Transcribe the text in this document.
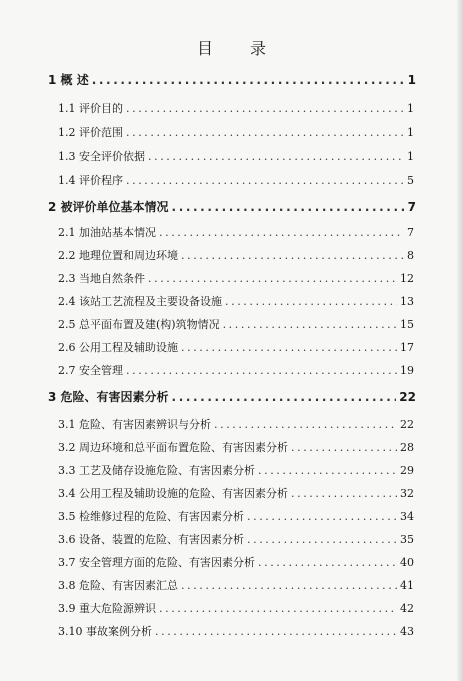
目 录
1 概 述 .....	1
1.1 评价目的 .....	1
1.2 评价范围 .....	1
1.3 安全评价依据 .....	1
1.4 评价程序 .....	5
2 被评价单位基本情况 .....	7
2.1 加油站基本情况 .....	7
2.2 地理位置和周边环境 .....	8
2.3 当地自然条件 .....	12
2.4 该站工艺流程及主要设备设施 .....	13
2.5 总平面布置及建(构)筑物情况 .....	15
2.6 公用工程及辅助设施 .....	17
2.7 安全管理 .....	19
3 危险、有害因素分析 .....	22
3.1 危险、有害因素辨识与分析 .....	22
3.2 周边环境和总平面布置危险、有害因素分析 .....	28
3.3 工艺及储存设施危险、有害因素分析 .....	29
3.4 公用工程及辅助设施的危险、有害因素分析 .....	32
3.5 检维修过程的危险、有害因素分析 .....	34
3.6 设备、装置的危险、有害因素分析 .....	35
3.7 安全管理方面的危险、有害因素分析 .....	40
3.8 危险、有害因素汇总 .....	41
3.9 重大危险源辨识 .....	42
3.10 事故案例分析 .....	43
